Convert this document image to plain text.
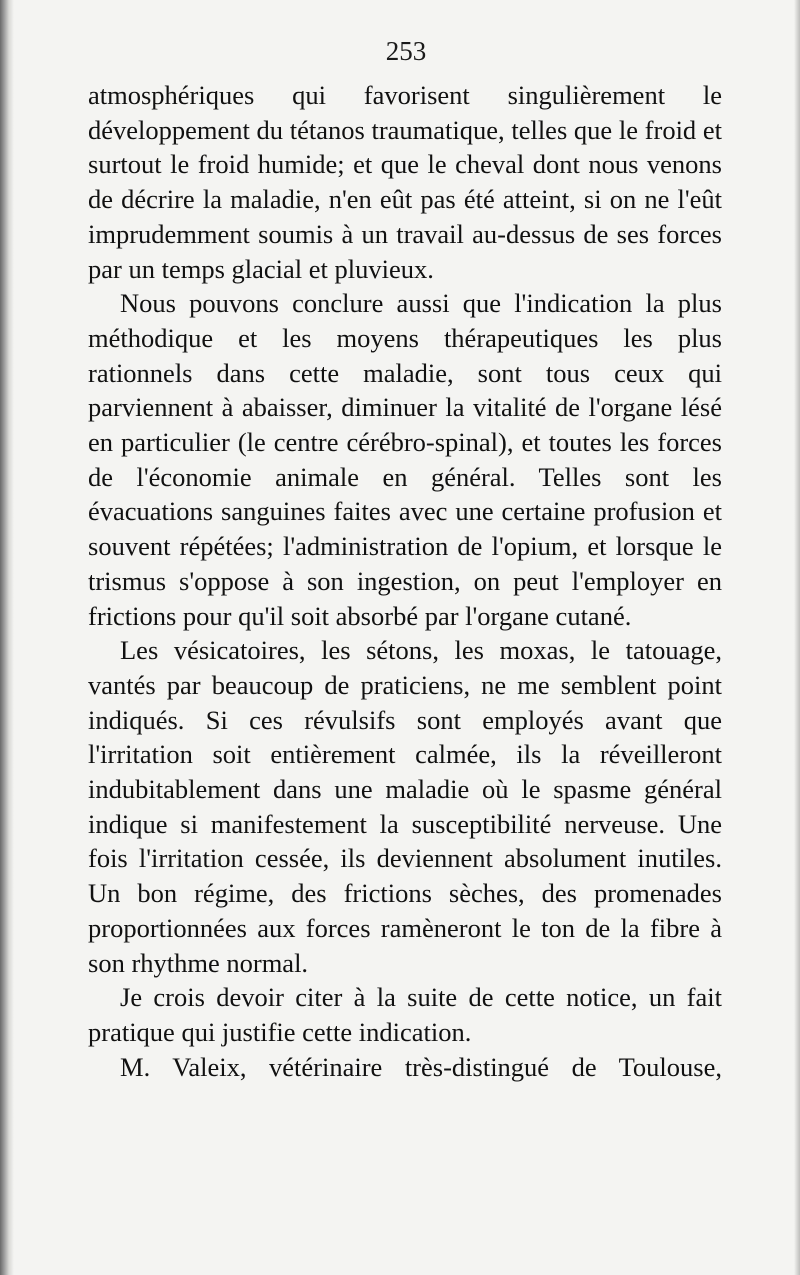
253

atmosphériques qui favorisent singulièrement le développement du tétanos traumatique, telles que le froid et surtout le froid humide; et que le cheval dont nous venons de décrire la maladie, n'en eût pas été atteint, si on ne l'eût imprudemment soumis à un travail au-dessus de ses forces par un temps glacial et pluvieux.

Nous pouvons conclure aussi que l'indication la plus méthodique et les moyens thérapeutiques les plus rationnels dans cette maladie, sont tous ceux qui parviennent à abaisser, diminuer la vitalité de l'organe lésé en particulier (le centre cérébro-spinal), et toutes les forces de l'économie animale en général. Telles sont les évacuations sanguines faites avec une certaine profusion et souvent répétées; l'administration de l'opium, et lorsque le trismus s'oppose à son ingestion, on peut l'employer en frictions pour qu'il soit absorbé par l'organe cutané.

Les vésicatoires, les sétons, les moxas, le tatouage, vantés par beaucoup de praticiens, ne me semblent point indiqués. Si ces révulsifs sont employés avant que l'irritation soit entièrement calmée, ils la réveilleront indubitablement dans une maladie où le spasme général indique si manifestement la susceptibilité nerveuse. Une fois l'irritation cessée, ils deviennent absolument inutiles. Un bon régime, des frictions sèches, des promenades proportionnées aux forces ramèneront le ton de la fibre à son rhythme normal.

Je crois devoir citer à la suite de cette notice, un fait pratique qui justifie cette indication.

M. Valeix, vétérinaire très-distingué de Toulouse,
